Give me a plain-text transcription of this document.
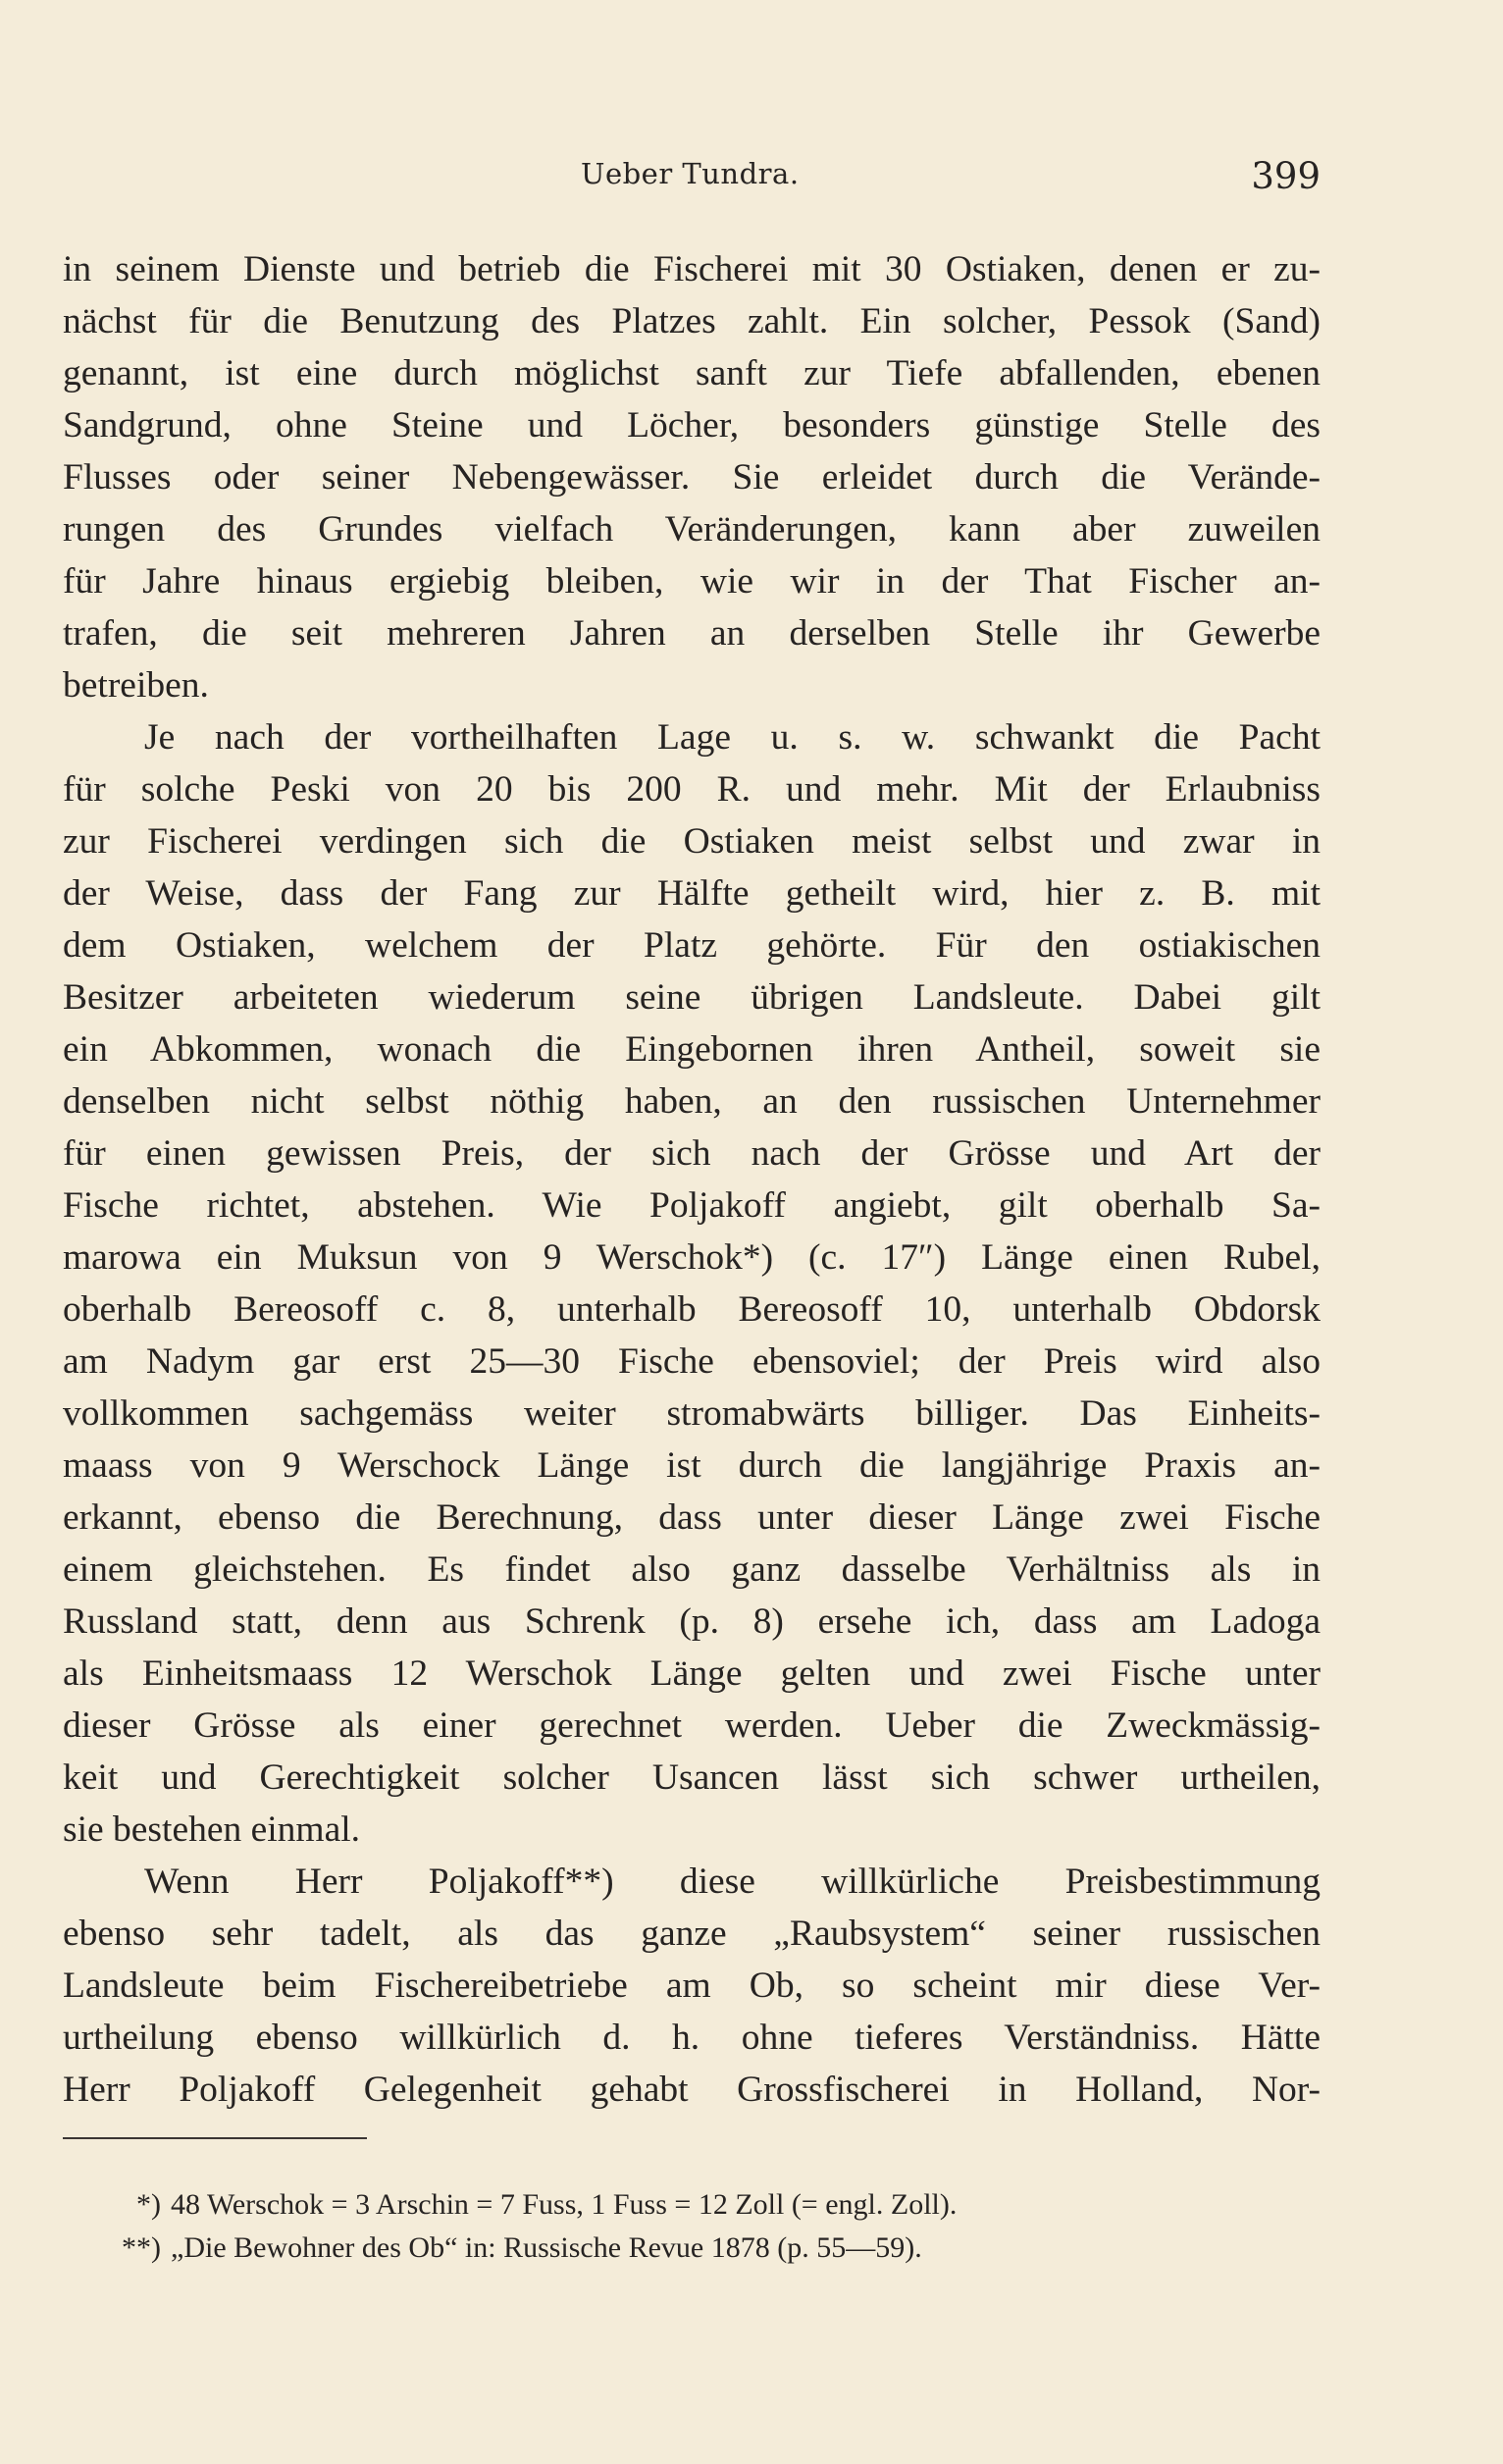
Ueber Tundra.	399
in seinem Dienste und betrieb die Fischerei mit 30 Ostiaken, denen er zu-
nächst für die Benutzung des Platzes zahlt. Ein solcher, Pessok (Sand)
genannt, ist eine durch möglichst sanft zur Tiefe abfallenden, ebenen
Sandgrund, ohne Steine und Löcher, besonders günstige Stelle des
Flusses oder seiner Nebengewässer. Sie erleidet durch die Verände-
rungen des Grundes vielfach Veränderungen, kann aber zuweilen
für Jahre hinaus ergiebig bleiben, wie wir in der That Fischer an-
trafen, die seit mehreren Jahren an derselben Stelle ihr Gewerbe
betreiben.
Je nach der vortheilhaften Lage u. s. w. schwankt die Pacht
für solche Peski von 20 bis 200 R. und mehr. Mit der Erlaubniss
zur Fischerei verdingen sich die Ostiaken meist selbst und zwar in
der Weise, dass der Fang zur Hälfte getheilt wird, hier z. B. mit
dem Ostiaken, welchem der Platz gehörte. Für den ostiakischen
Besitzer arbeiteten wiederum seine übrigen Landsleute. Dabei gilt
ein Abkommen, wonach die Eingebornen ihren Antheil, soweit sie
denselben nicht selbst nöthig haben, an den russischen Unternehmer
für einen gewissen Preis, der sich nach der Grösse und Art der
Fische richtet, abstehen. Wie Poljakoff angiebt, gilt oberhalb Sa-
marowa ein Muksun von 9 Werschok*) (c. 17″) Länge einen Rubel,
oberhalb Bereosoff c. 8, unterhalb Bereosoff 10, unterhalb Obdorsk
am Nadym gar erst 25—30 Fische ebensoviel; der Preis wird also
vollkommen sachgemäss weiter stromabwärts billiger. Das Einheits-
maass von 9 Werschock Länge ist durch die langjährige Praxis an-
erkannt, ebenso die Berechnung, dass unter dieser Länge zwei Fische
einem gleichstehen. Es findet also ganz dasselbe Verhältniss als in
Russland statt, denn aus Schrenk (p. 8) ersehe ich, dass am Ladoga
als Einheitsmaass 12 Werschok Länge gelten und zwei Fische unter
dieser Grösse als einer gerechnet werden. Ueber die Zweckmässig-
keit und Gerechtigkeit solcher Usancen lässt sich schwer urtheilen,
sie bestehen einmal.
Wenn Herr Poljakoff**) diese willkürliche Preisbestimmung
ebenso sehr tadelt, als das ganze „Raubsystem“ seiner russischen
Landsleute beim Fischereibetriebe am Ob, so scheint mir diese Ver-
urtheilung ebenso willkürlich d. h. ohne tieferes Verständniss. Hätte
Herr Poljakoff Gelegenheit gehabt Grossfischerei in Holland, Nor-
*) 48 Werschok = 3 Arschin = 7 Fuss, 1 Fuss = 12 Zoll (= engl. Zoll).
**) „Die Bewohner des Ob“ in: Russische Revue 1878 (p. 55—59).
